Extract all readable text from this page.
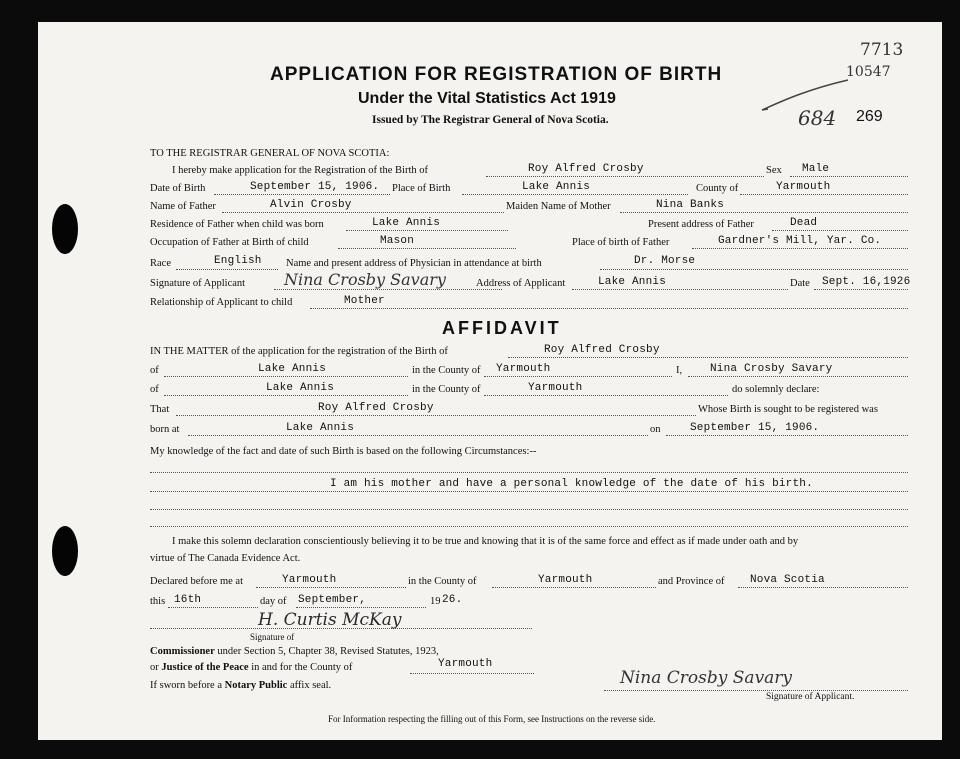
APPLICATION FOR REGISTRATION OF BIRTH
Under the Vital Statistics Act 1919
Issued by The Registrar General of Nova Scotia.
7713
10547
684 269
TO THE REGISTRAR GENERAL OF NOVA SCOTIA:
I hereby make application for the Registration of the Birth of	Roy Alfred Crosby	Sex Male
Date of Birth	September 15, 1906. Place of Birth	Lake Annis	County of	Yarmouth
Name of Father	Alvin Crosby	Maiden Name of Mother	Nina Banks
Residence of Father when child was born	Lake Annis	Present address of Father	Dead
Occupation of Father at Birth of child	Mason	Place of birth of Father	Gardner's Mill, Yar. Co.
Race	English Name and present address of Physician in attendance at birth	Dr. Morse
Signature of Applicant Nina Crosby Savary	Address of Applicant	Lake Annis	Date Sept. 16,1926
Relationship of Applicant to child	Mother
AFFIDAVIT
IN THE MATTER of the application for the registration of the Birth of	Roy Alfred Crosby
of	Lake Annis	in the County of Yarmouth	I,	Nina Crosby Savary
of	Lake Annis	in the County of	Yarmouth	do solemnly declare:
That	Roy Alfred Crosby	Whose Birth is sought to be registered was
born at	Lake Annis	on	September 15, 1906.
My knowledge of the fact and date of such Birth is based on the following Circumstances:--
I am his mother and have a personal knowledge of the date of his birth.
I make this solemn declaration conscientiously believing it to be true and knowing that it is of the same force and effect as if made under oath and by
virtue of The Canada Evidence Act.
Declared before me at	Yarmouth	in the County of	Yarmouth	and Province of Nova Scotia
this 16th	day of September,	19 26.
H. Curtis McKay
Signature of
Commissioner under Section 5, Chapter 38, Revised Statutes, 1923,
or Justice of the Peace in and for the County of	Yarmouth
If sworn before a Notary Public affix seal.	Nina Crosby Savary
Signature of Applicant.
For Information respecting the filling out of this Form, see Instructions on the reverse side.
